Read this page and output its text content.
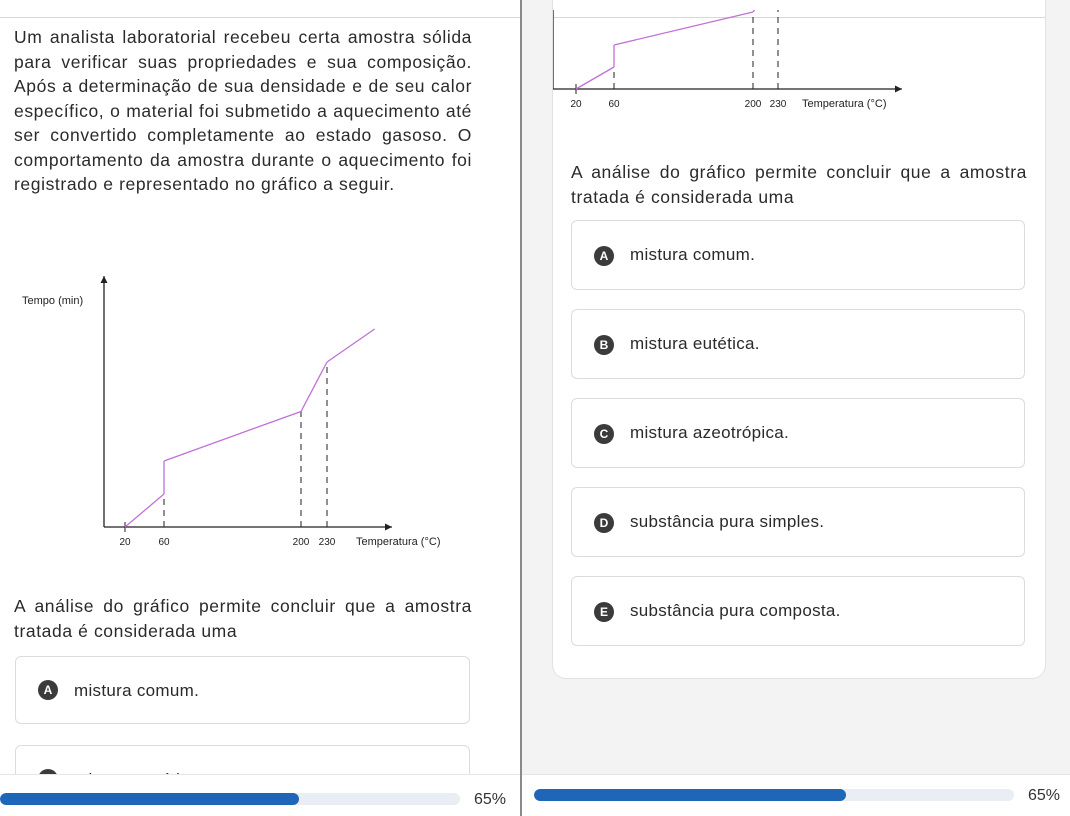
Um analista laboratorial recebeu certa amostra sólida para verificar suas propriedades e sua composição. Após a determinação de sua densidade e de seu calor específico, o material foi submetido a aquecimento até ser convertido completamente ao estado gasoso. O comportamento da amostra durante o aquecimento foi registrado e representado no gráfico a seguir.

Tempo (min)
20	60	200 230 Temperatura (°C)

A análise do gráfico permite concluir que a amostra tratada é considerada uma

A	mistura comum.
65%
20	60	200 230 Temperatura (°C)

A análise do gráfico permite concluir que a amostra tratada é considerada uma

A	mistura comum.
B	mistura eutética.
C	mistura azeotrópica.
D	substância pura simples.
E	substância pura composta.
65%
